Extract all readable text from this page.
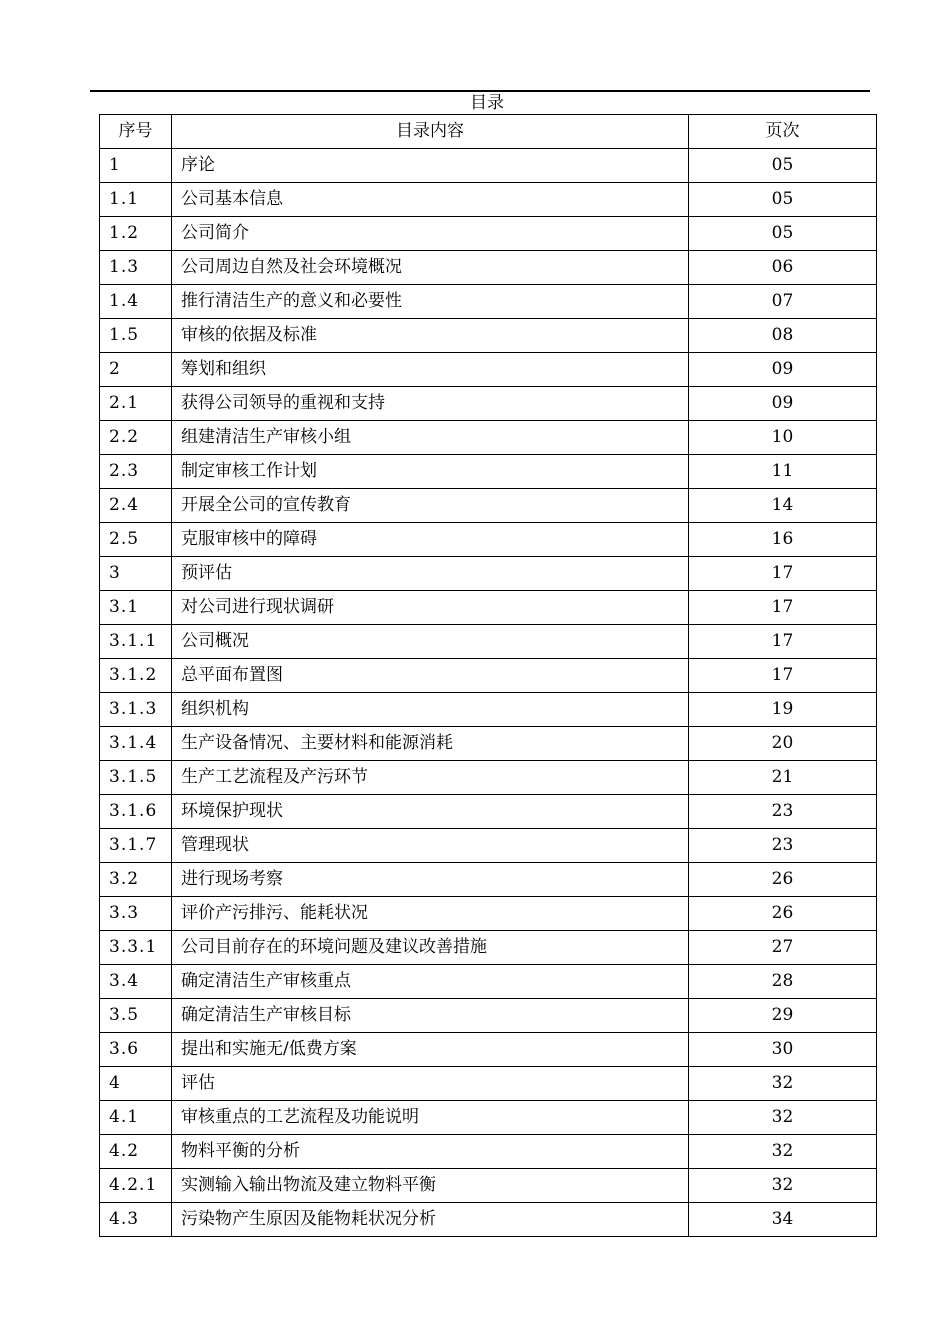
目录
序号	目录内容	页次
1	序论	05
1.1	公司基本信息	05
1.2	公司简介	05
1.3	公司周边自然及社会环境概况	06
1.4	推行清洁生产的意义和必要性	07
1.5	审核的依据及标准	08
2	筹划和组织	09
2.1	获得公司领导的重视和支持	09
2.2	组建清洁生产审核小组	10
2.3	制定审核工作计划	11
2.4	开展全公司的宣传教育	14
2.5	克服审核中的障碍	16
3	预评估	17
3.1	对公司进行现状调研	17
3.1.1	公司概况	17
3.1.2	总平面布置图	17
3.1.3	组织机构	19
3.1.4	生产设备情况、主要材料和能源消耗	20
3.1.5	生产工艺流程及产污环节	21
3.1.6	环境保护现状	23
3.1.7	管理现状	23
3.2	进行现场考察	26
3.3	评价产污排污、能耗状况	26
3.3.1	公司目前存在的环境问题及建议改善措施	27
3.4	确定清洁生产审核重点	28
3.5	确定清洁生产审核目标	29
3.6	提出和实施无/低费方案	30
4	评估	32
4.1	审核重点的工艺流程及功能说明	32
4.2	物料平衡的分析	32
4.2.1	实测输入输出物流及建立物料平衡	32
4.3	污染物产生原因及能物耗状况分析	34
